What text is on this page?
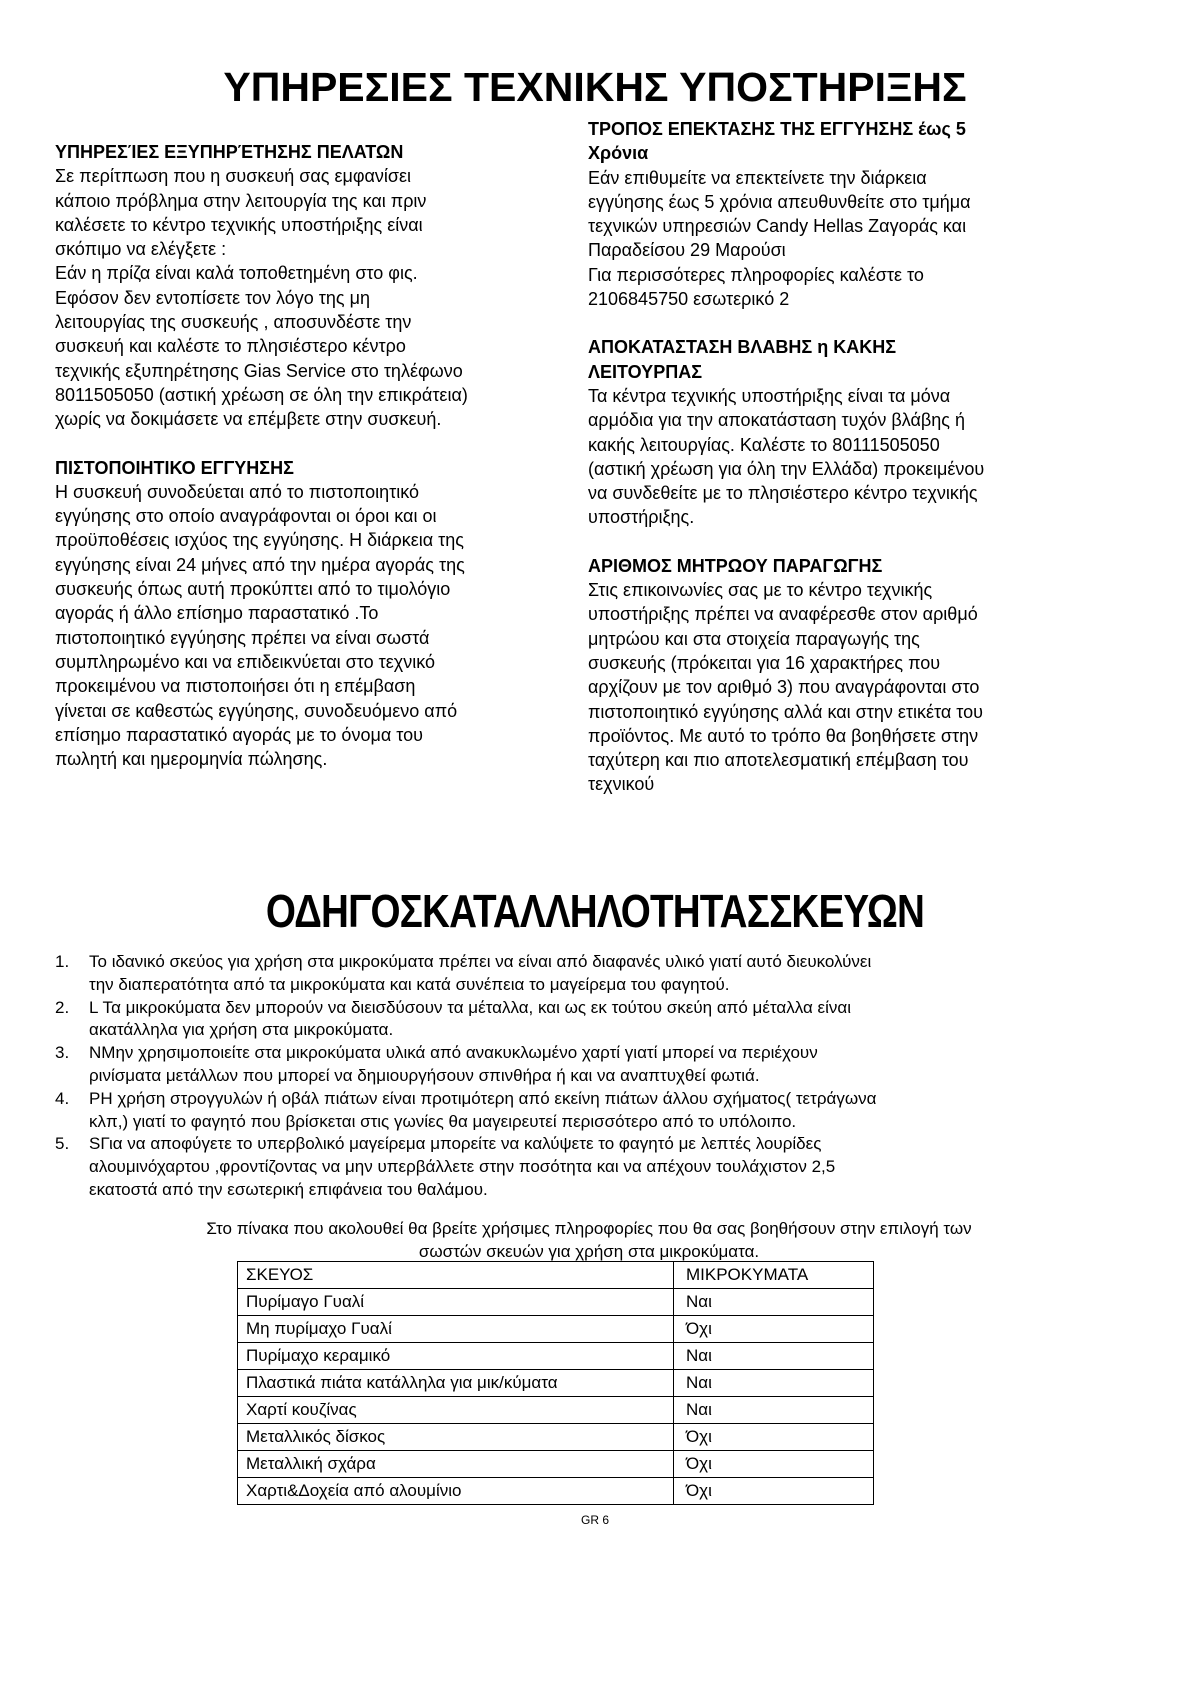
ΥΠΗΡΕΣΙΕΣ ΤΕΧΝΙΚΗΣ ΥΠΟΣΤΗΡΙΞΗΣ
ΥΠΗΡΕΣΊΕΣ ΕΞΥΠΗΡΈΤΗΣΗΣ ΠΕΛΑΤΩΝ
Σε περίτπωση που η συσκευή σας εμφανίσει
κάποιο πρόβλημα στην λειτουργία της και πριν
καλέσετε το κέντρο τεχνικής υποστήριξης είναι
σκόπιμο να ελέγξετε :
Εάν η πρίζα είναι καλά τοποθετημένη στο φις.
Εφόσον δεν εντοπίσετε τον λόγο της μη
λειτουργίας της συσκευής , αποσυνδέστε την
συσκευή και καλέστε το πλησιέστερο κέντρο
τεχνικής εξυπηρέτησης Gias Service στο τηλέφωνο
8011505050 (αστική χρέωση σε όλη την επικράτεια)
χωρίς να δοκιμάσετε να επέμβετε στην συσκευή.
ΠΙΣΤΟΠΟΙΗΤΙΚΟ ΕΓΓΥΗΣΗΣ
Η συσκευή συνοδεύεται από το πιστοποιητικό
εγγύησης στο οποίο αναγράφονται οι όροι και οι
προϋποθέσεις ισχύος της εγγύησης. Η διάρκεια της
εγγύησης είναι 24 μήνες από την ημέρα αγοράς της
συσκευής όπως αυτή προκύπτει από το τιμολόγιο
αγοράς ή άλλο επίσημο παραστατικό .Το
πιστοποιητικό εγγύησης πρέπει να είναι σωστά
συμπληρωμένο και να επιδεικνύεται στο τεχνικό
προκειμένου να πιστοποιήσει ότι η επέμβαση
γίνεται σε καθεστώς εγγύησης, συνοδευόμενο από
επίσημο παραστατικό αγοράς με το όνομα του
πωλητή και ημερομηνία πώλησης.
ΤΡΟΠΟΣ ΕΠΕΚΤΑΣΗΣ ΤΗΣ ΕΓΓΥΗΣΗΣ έως 5
Χρόνια
Εάν επιθυμείτε να επεκτείνετε την διάρκεια
εγγύησης έως 5 χρόνια απευθυνθείτε στο τμήμα
τεχνικών υπηρεσιών Candy Hellas Ζαγοράς και
Παραδείσου 29 Μαρούσι
Για περισσότερες πληροφορίες καλέστε το
2106845750 εσωτερικό 2
ΑΠΟΚΑΤΑΣΤΑΣΗ ΒΛΑΒΗΣ η ΚΑΚΗΣ
ΛΕΙΤΟΥΡΠΑΣ
Τα κέντρα τεχνικής υποστήριξης είναι τα μόνα
αρμόδια για την αποκατάσταση τυχόν βλάβης ή
κακής λειτουργίας. Καλέστε το 80111505050
(αστική χρέωση για όλη την Ελλάδα) προκειμένου
να συνδεθείτε με το πλησιέστερο κέντρο τεχνικής
υποστήριξης.
ΑΡΙΘΜΟΣ ΜΗΤΡΩΟΥ ΠΑΡΑΓΩΓΗΣ
Στις επικοινωνίες σας με το κέντρο τεχνικής
υποστήριξης πρέπει να αναφέρεσθε στον αριθμό
μητρώου και στα στοιχεία παραγωγής της
συσκευής (πρόκειται για 16 χαρακτήρες που
αρχίζουν με τον αριθμό 3) που αναγράφονται στο
πιστοποιητικό εγγύησης αλλά και στην ετικέτα του
προϊόντος. Με αυτό το τρόπο θα βοηθήσετε στην
ταχύτερη και πιο αποτελεσματική επέμβαση του
τεχνικού
ΟΔΗΓΟΣΚΑΤΑΛΛΗΛΟΤΗΤΑΣΣΚΕΥΩΝ
1.	Το ιδανικό σκεύος για χρήση στα μικροκύματα πρέπει να είναι από διαφανές υλικό γιατί αυτό διευκολύνει
την διαπερατότητα από τα μικροκύματα και κατά συνέπεια το μαγείρεμα του φαγητού.
2.	L Τα μικροκύματα δεν μπορούν να διεισδύσουν τα μέταλλα, και ως εκ τούτου σκεύη από μέταλλα είναι
ακατάλληλα για χρήση στα μικροκύματα.
3.	NΜην χρησιμοποιείτε στα μικροκύματα υλικά από ανακυκλωμένο χαρτί γιατί μπορεί να περιέχουν
ρινίσματα μετάλλων που μπορεί να δημιουργήσουν σπινθήρα ή και να αναπτυχθεί φωτιά.
4.	PΗ χρήση στρογγυλών ή οβάλ πιάτων είναι προτιμότερη από εκείνη πιάτων άλλου σχήματος( τετράγωνα
κλπ,) γιατί το φαγητό που βρίσκεται στις γωνίες θα μαγειρευτεί περισσότερο από το υπόλοιπο.
5.	SΓια να αποφύγετε το υπερβολικό μαγείρεμα μπορείτε να καλύψετε το φαγητό με λεπτές λουρίδες
αλουμινόχαρτου ,φροντίζοντας να μην υπερβάλλετε στην ποσότητα και να απέχουν τουλάχιστον 2,5
εκατοστά από την εσωτερική επιφάνεια του θαλάμου.
Στο πίνακα που ακολουθεί θα βρείτε χρήσιμες πληροφορίες που θα σας βοηθήσουν στην επιλογή των
σωστών σκευών για χρήση στα μικροκύματα.
ΣΚΕΥΟΣ	ΜΙΚΡΟΚΥΜΑΤΑ
Πυρίμαγο Γυαλί	Ναι
Μη πυρίμαχο Γυαλί	Όχι
Πυρίμαχο κεραμικό	Ναι
Πλαστικά πιάτα κατάλληλα για μικ/κύματα	Ναι
Χαρτί κουζίνας	Ναι
Μεταλλικός δίσκος	Όχι
Μεταλλική σχάρα	Όχι
Χαρτι&Δοχεία από αλουμίνιο	Όχι
GR 6
